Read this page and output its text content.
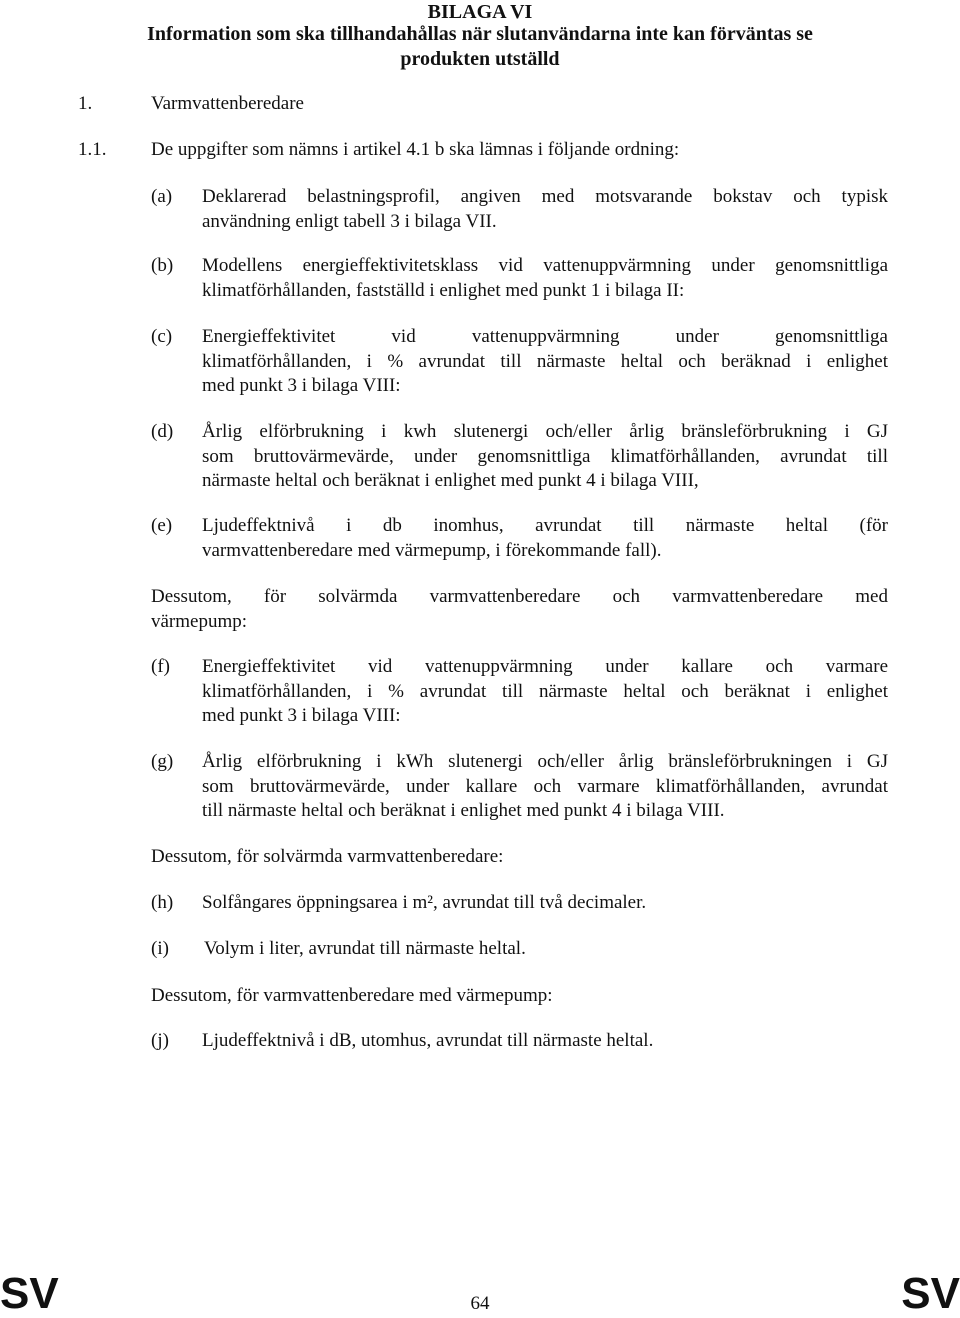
BILAGA VI
Information som ska tillhandahållas när slutanvändarna inte kan förväntas se
produkten utställd
1.	Varmvattenberedare
1.1. De uppgifter som nämns i artikel 4.1 b ska lämnas i följande ordning:
(a) Deklarerad belastningsprofil, angiven med motsvarande bokstav och typisk
användning enligt tabell 3 i bilaga VII.
(b) Modellens energieffektivitetsklass vid vattenuppvärmning under genomsnittliga
klimatförhållanden, fastställd i enlighet med punkt 1 i bilaga II:
(c) Energieffektivitet vid vattenuppvärmning under genomsnittliga
klimatförhållanden, i % avrundat till närmaste heltal och beräknad i enlighet
med punkt 3 i bilaga VIII:
(d) Årlig elförbrukning i kwh slutenergi och/eller årlig bränsleförbrukning i GJ
som bruttovärmevärde, under genomsnittliga klimatförhållanden, avrundat till
närmaste heltal och beräknat i enlighet med punkt 4 i bilaga VIII,
(e) Ljudeffektnivå i db inomhus, avrundat till närmaste heltal (för
varmvattenberedare med värmepump, i förekommande fall).
Dessutom, för solvärmda varmvattenberedare och varmvattenberedare med
värmepump:
(f) Energieffektivitet vid vattenuppvärmning under kallare och varmare
klimatförhållanden, i % avrundat till närmaste heltal och beräknat i enlighet
med punkt 3 i bilaga VIII:
(g) Årlig elförbrukning i kWh slutenergi och/eller årlig bränsleförbrukningen i GJ
som bruttovärmevärde, under kallare och varmare klimatförhållanden, avrundat
till närmaste heltal och beräknat i enlighet med punkt 4 i bilaga VIII.
Dessutom, för solvärmda varmvattenberedare:
(h) Solfångares öppningsarea i m², avrundat till två decimaler.
(i) Volym i liter, avrundat till närmaste heltal.
Dessutom, för varmvattenberedare med värmepump:
(j) Ljudeffektnivå i dB, utomhus, avrundat till närmaste heltal.
SV	64	SV
